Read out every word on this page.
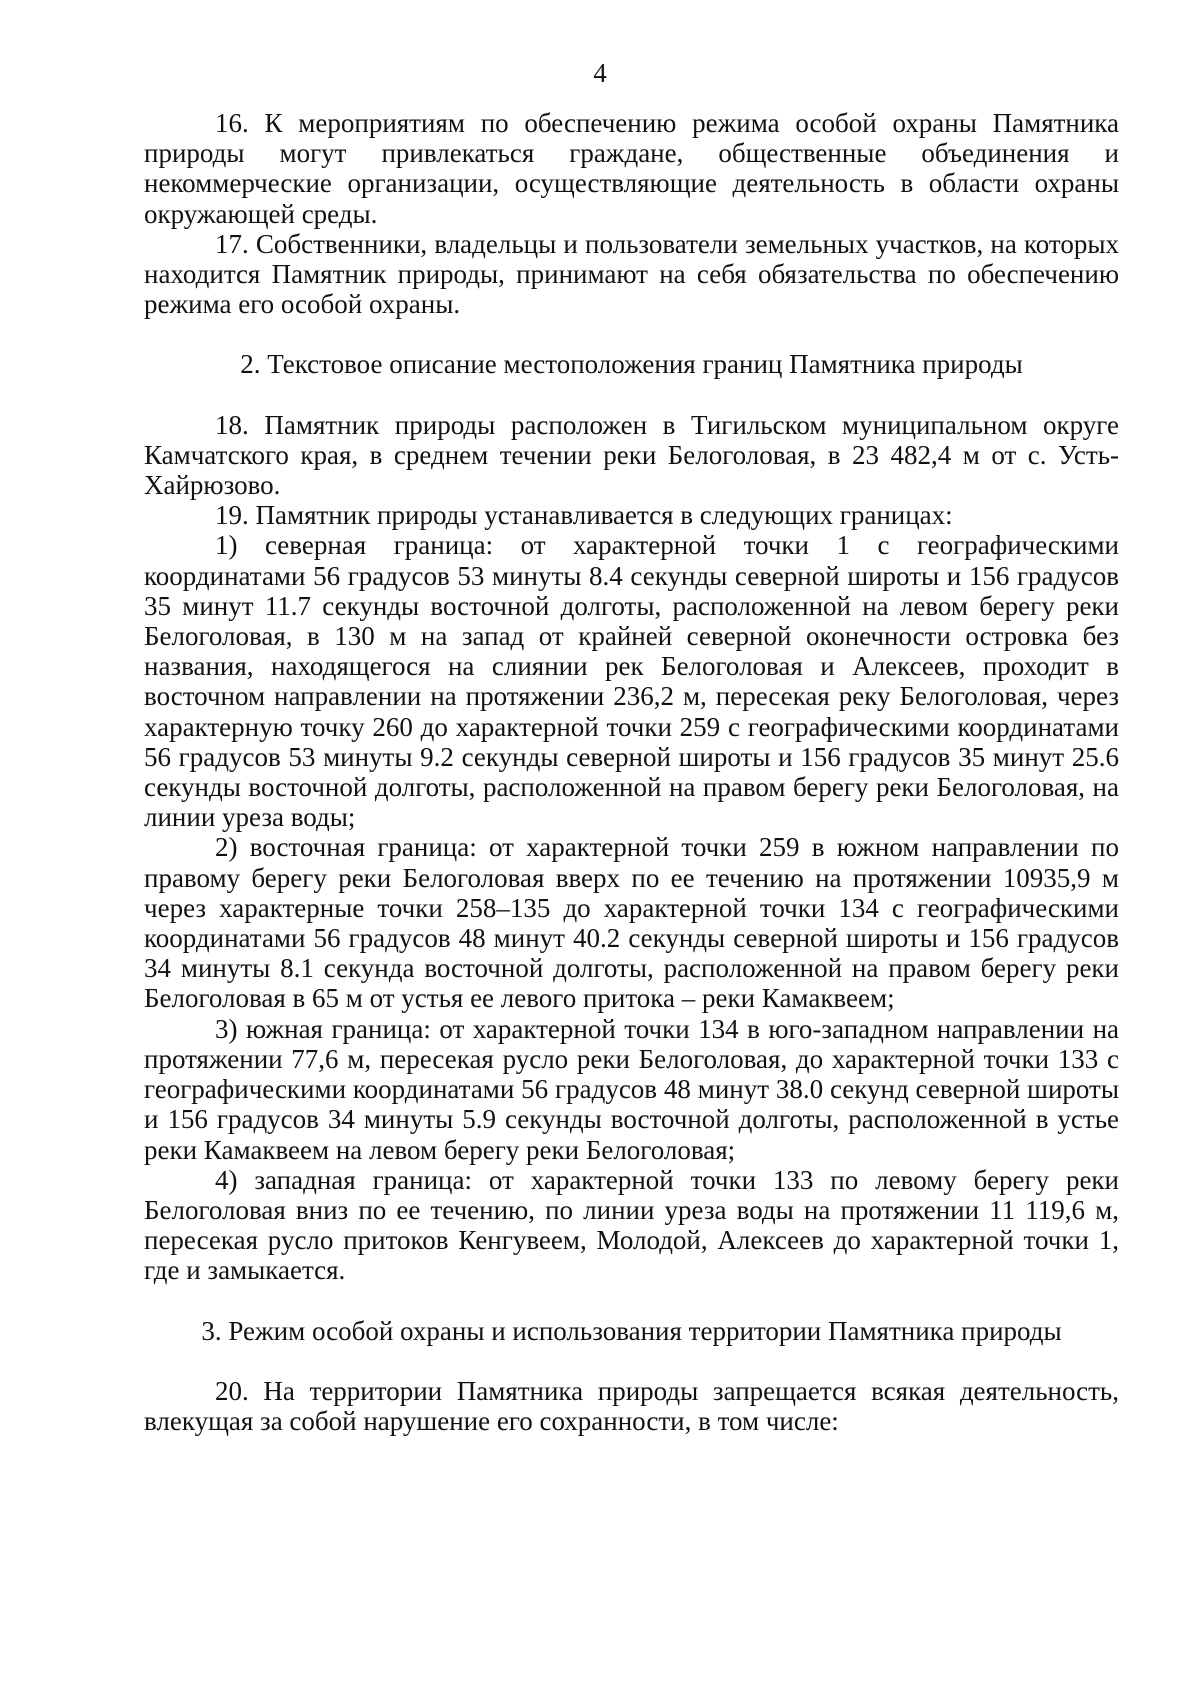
4

16. К мероприятиям по обеспечению режима особой охраны Памятника природы могут привлекаться граждане, общественные объединения и некоммерческие организации, осуществляющие деятельность в области охраны окружающей среды.

17. Собственники, владельцы и пользователи земельных участков, на которых находится Памятник природы, принимают на себя обязательства по обеспечению режима его особой охраны.

2. Текстовое описание местоположения границ Памятника природы

18. Памятник природы расположен в Тигильском муниципальном округе Камчатского края, в среднем течении реки Белоголовая, в 23 482,4 м от с. Усть-Хайрюзово.

19. Памятник природы устанавливается в следующих границах:

1) северная граница: от характерной точки 1 с географическими координатами 56 градусов 53 минуты 8.4 секунды северной широты и 156 градусов 35 минут 11.7 секунды восточной долготы, расположенной на левом берегу реки Белоголовая, в 130 м на запад от крайней северной оконечности островка без названия, находящегося на слиянии рек Белоголовая и Алексеев, проходит в восточном направлении на протяжении 236,2 м, пересекая реку Белоголовая, через характерную точку 260 до характерной точки 259 с географическими координатами 56 градусов 53 минуты 9.2 секунды северной широты и 156 градусов 35 минут 25.6 секунды восточной долготы, расположенной на правом берегу реки Белоголовая, на линии уреза воды;

2) восточная граница: от характерной точки 259 в южном направлении по правому берегу реки Белоголовая вверх по ее течению на протяжении 10935,9 м через характерные точки 258–135 до характерной точки 134 с географическими координатами 56 градусов 48 минут 40.2 секунды северной широты и 156 градусов 34 минуты 8.1 секунда восточной долготы, расположенной на правом берегу реки Белоголовая в 65 м от устья ее левого притока – реки Камаквеем;

3) южная граница: от характерной точки 134 в юго-западном направлении на протяжении 77,6 м, пересекая русло реки Белоголовая, до характерной точки 133 с географическими координатами 56 градусов 48 минут 38.0 секунд северной широты и 156 градусов 34 минуты 5.9 секунды восточной долготы, расположенной в устье реки Камаквеем на левом берегу реки Белоголовая;

4) западная граница: от характерной точки 133 по левому берегу реки Белоголовая вниз по ее течению, по линии уреза воды на протяжении 11 119,6 м, пересекая русло притоков Кенгувеем, Молодой, Алексеев до характерной точки 1, где и замыкается.

3. Режим особой охраны и использования территории Памятника природы

20. На территории Памятника природы запрещается всякая деятельность, влекущая за собой нарушение его сохранности, в том числе:
